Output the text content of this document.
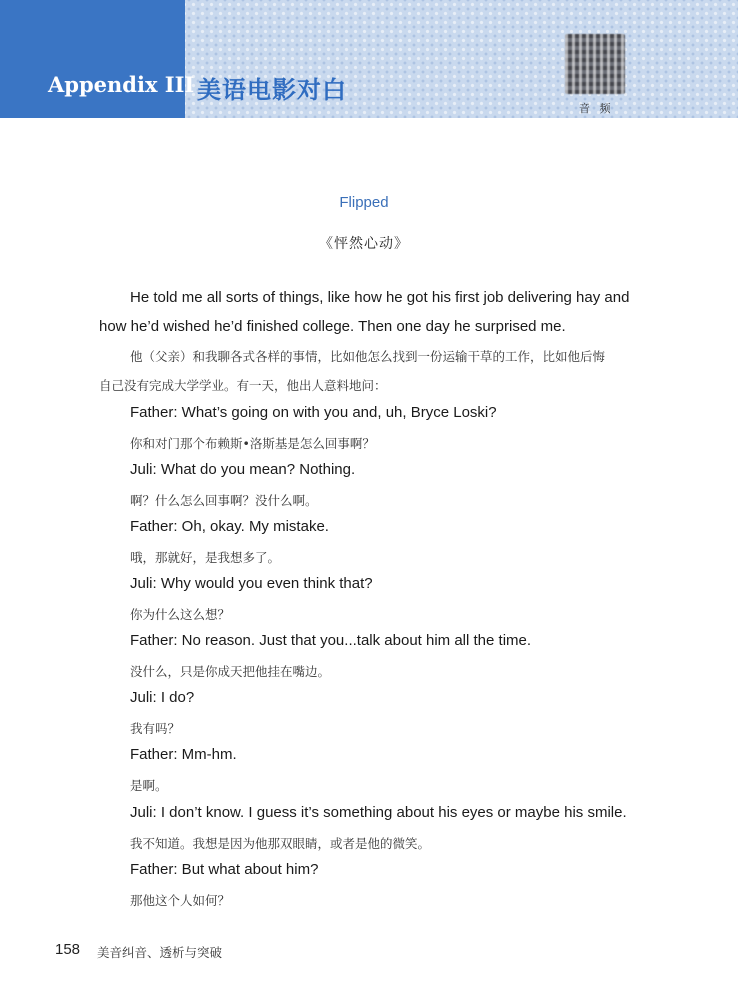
Appendix III 美语电影对白
音 频
Flipped
《怦然心动》
He told me all sorts of things, like how he got his first job delivering hay and
how he’d wished he’d finished college. Then one day he surprised me.
他（父亲）和我聊各式各样的事情，比如他怎么找到一份运输干草的工作，比如他后悔
自己没有完成大学学业。有一天，他出人意料地问：
Father: What’s going on with you and, uh, Bryce Loski?
你和对门那个布赖斯•洛斯基是怎么回事啊？
Juli: What do you mean? Nothing.
啊？什么怎么回事啊？没什么啊。
Father: Oh, okay. My mistake.
哦，那就好，是我想多了。
Juli: Why would you even think that?
你为什么这么想？
Father: No reason. Just that you...talk about him all the time.
没什么，只是你成天把他挂在嘴边。
Juli: I do?
我有吗？
Father: Mm-hm.
是啊。
Juli: I don’t know. I guess it’s something about his eyes or maybe his smile.
我不知道。我想是因为他那双眼睛，或者是他的微笑。
Father: But what about him?
那他这个人如何？
158 美音纠音、透析与突破
